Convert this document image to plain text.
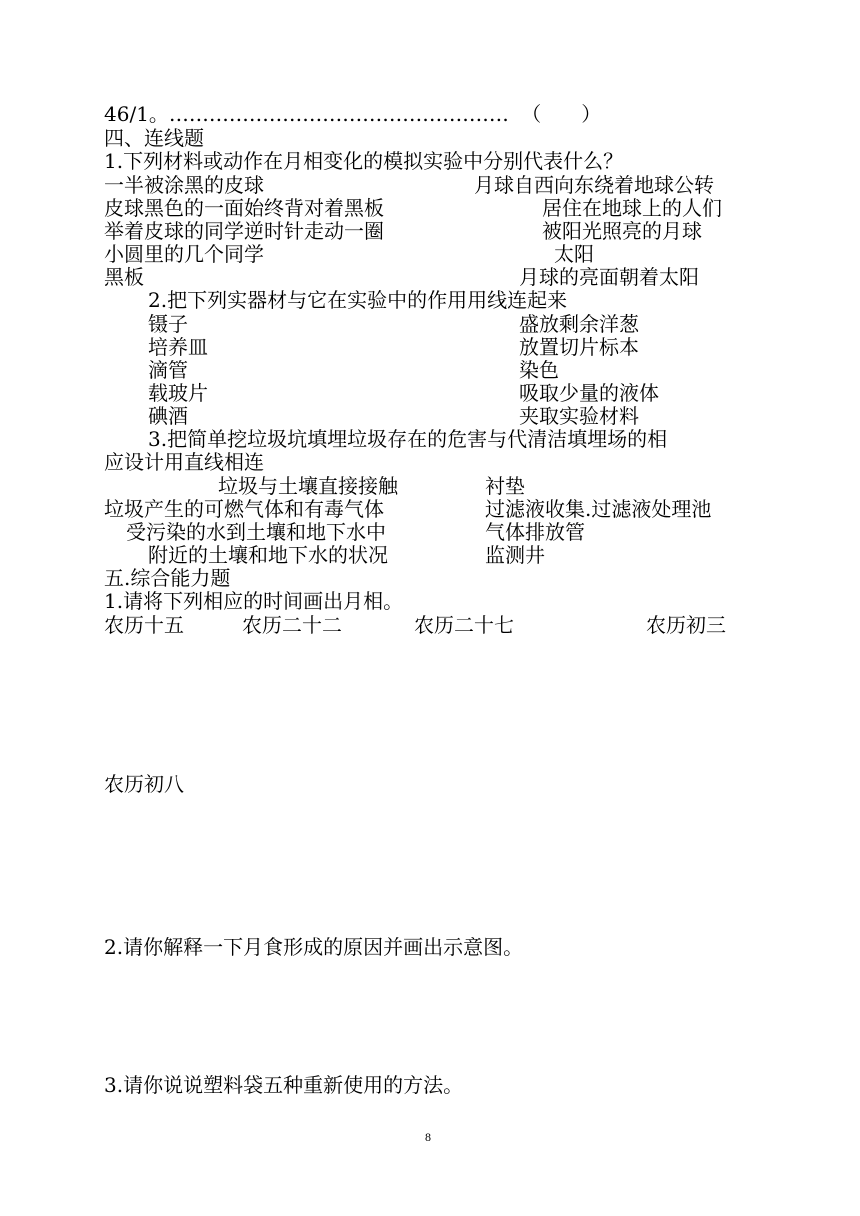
46/1。…………………………………………… （　　）
四、连线题
1.下列材料或动作在月相变化的模拟实验中分别代表什么？
一半被涂黑的皮球	月球自西向东绕着地球公转
皮球黑色的一面始终背对着黑板	居住在地球上的人们
举着皮球的同学逆时针走动一圈	被阳光照亮的月球
小圆里的几个同学	太阳
黑板	月球的亮面朝着太阳
2.把下列实器材与它在实验中的作用用线连起来
镊子	盛放剩余洋葱
培养皿	放置切片标本
滴管	染色
载玻片	吸取少量的液体
碘酒	夹取实验材料
3.把简单挖垃圾坑填埋垃圾存在的危害与代清洁填埋场的相
应设计用直线相连
垃圾与土壤直接接触	衬垫
垃圾产生的可燃气体和有毒气体	过滤液收集.过滤液处理池
受污染的水到土壤和地下水中	气体排放管
附近的土壤和地下水的状况	监测井
五.综合能力题
1.请将下列相应的时间画出月相。
农历十五	农历二十二	农历二十七	农历初三
农历初八
2.请你解释一下月食形成的原因并画出示意图。
3.请你说说塑料袋五种重新使用的方法。
8
